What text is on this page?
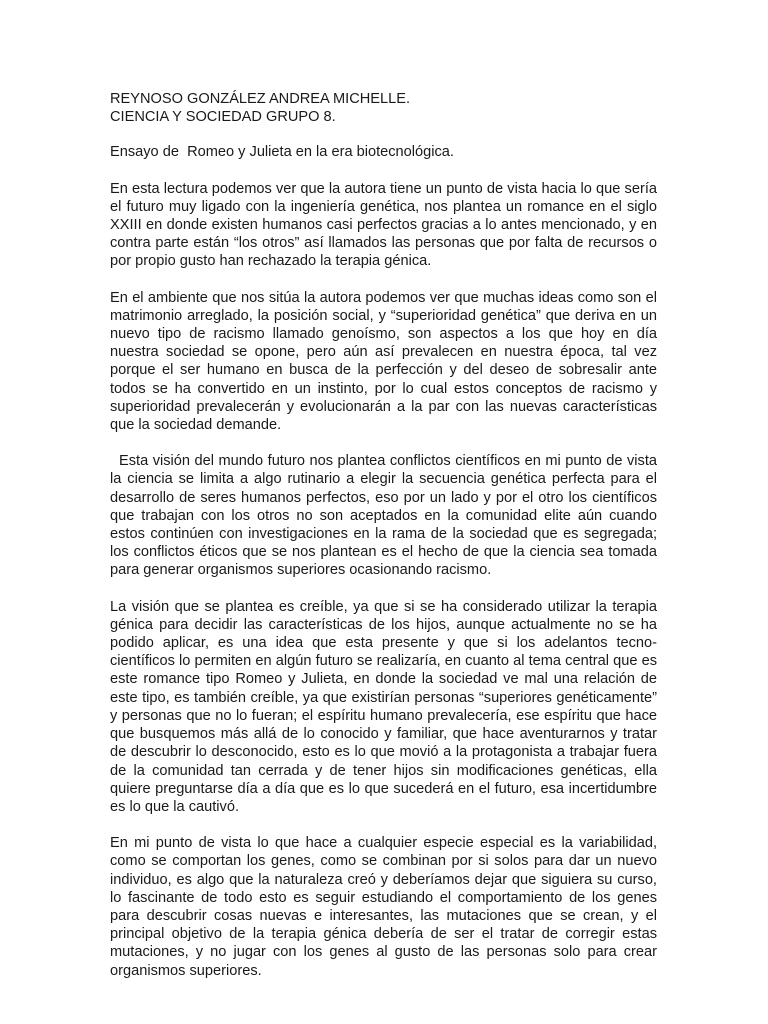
REYNOSO GONZÁLEZ ANDREA MICHELLE.

CIENCIA Y SOCIEDAD GRUPO 8.

Ensayo de  Romeo y Julieta en la era biotecnológica.

En esta lectura podemos ver que la autora tiene un punto de vista hacia lo que sería el futuro muy ligado con la ingeniería genética, nos plantea un romance en el siglo XXIII en donde existen humanos casi perfectos gracias a lo antes mencionado, y en contra parte están “los otros” así llamados las personas que por falta de recursos o por propio gusto han rechazado la terapia génica.

En el ambiente que nos sitúa la autora podemos ver que muchas ideas como son el matrimonio arreglado, la posición social, y “superioridad genética” que deriva en un nuevo tipo de racismo llamado genoísmo, son aspectos a los que hoy en día nuestra sociedad se opone, pero aún así prevalecen en nuestra época, tal vez porque el ser humano en busca de la perfección y del deseo de sobresalir ante todos se ha convertido en un instinto, por lo cual estos conceptos de racismo y superioridad prevalecerán y evolucionarán a la par con las nuevas características  que la sociedad demande.

Esta visión del mundo futuro nos plantea conflictos científicos en mi punto de vista la ciencia se limita a algo rutinario a elegir la secuencia genética perfecta para el desarrollo de seres humanos perfectos, eso por un lado y por el otro los científicos que trabajan con los otros no son aceptados en la comunidad elite aún cuando estos continúen con investigaciones en la rama de la sociedad que es segregada; los conflictos éticos que se nos plantean es el hecho de que la ciencia sea tomada para generar organismos superiores ocasionando racismo.

La visión que se plantea es creíble, ya que si se ha considerado utilizar la terapia génica para decidir las características de los hijos, aunque actualmente no se ha podido aplicar, es una idea que esta presente y que si los adelantos tecno-científicos lo permiten en algún futuro se realizaría, en cuanto al tema central que es este romance tipo Romeo y Julieta, en donde la sociedad ve mal una relación de este tipo, es también creíble, ya que existirían personas “superiores genéticamente” y personas que no lo fueran; el espíritu humano prevalecería, ese espíritu que hace que busquemos más allá de lo conocido y familiar, que hace aventurarnos y tratar de descubrir lo desconocido, esto es lo que movió a la protagonista a trabajar fuera de la comunidad tan cerrada y de tener hijos sin modificaciones genéticas, ella quiere preguntarse día a día que es lo que sucederá en el futuro, esa incertidumbre es lo que la cautivó.

En mi punto de vista lo que hace a cualquier especie especial es la variabilidad, como se comportan los genes, como se combinan por si solos para dar un nuevo individuo, es algo que la naturaleza creó y deberíamos dejar que siguiera su curso, lo fascinante de todo esto es seguir estudiando el comportamiento de los genes para descubrir cosas nuevas e interesantes, las mutaciones que se crean, y el principal objetivo de la terapia génica debería de ser el tratar de corregir estas mutaciones, y no jugar con los genes al gusto de las personas solo para crear organismos superiores.
